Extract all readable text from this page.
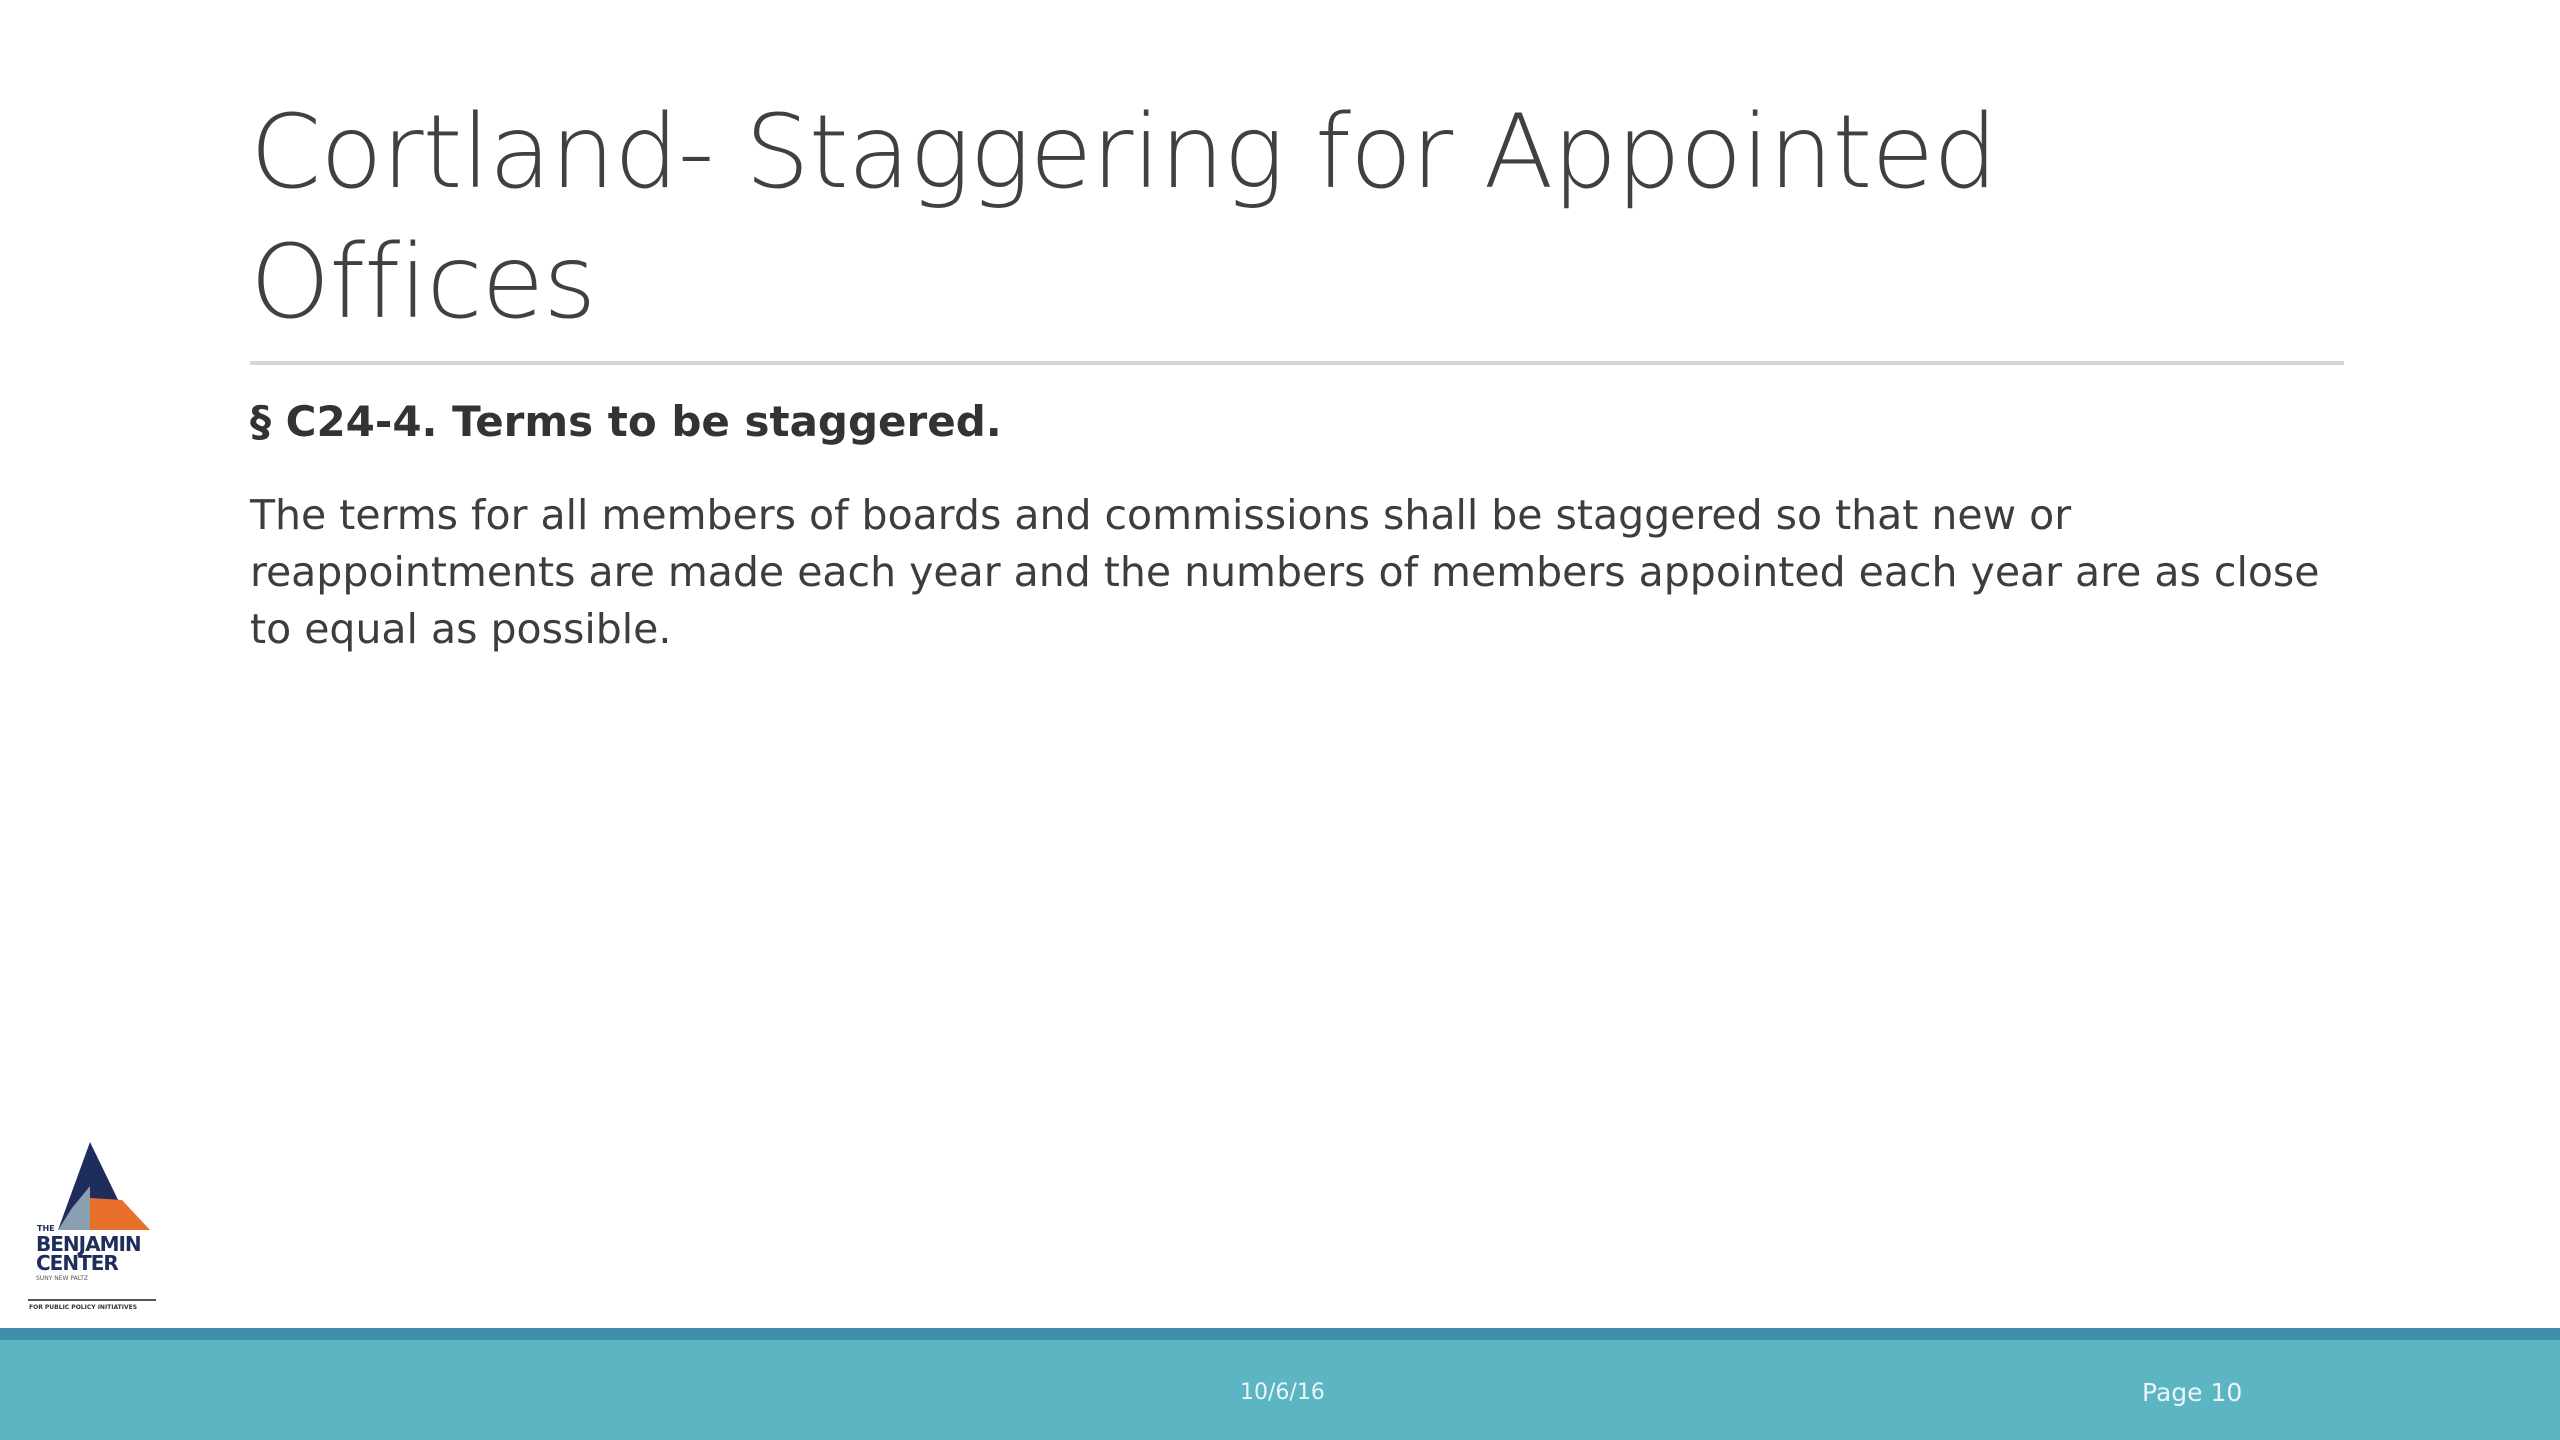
Cortland- Staggering for Appointed Offices

§ C24-4. Terms to be staggered.

The terms for all members of boards and commissions shall be staggered so that new or reappointments are made each year and the numbers of members appointed each year are as close to equal as possible.

THE
BENJAMIN
CENTER
SUNY NEW PALTZ
FOR PUBLIC POLICY INITIATIVES
10/6/16	Page 10
